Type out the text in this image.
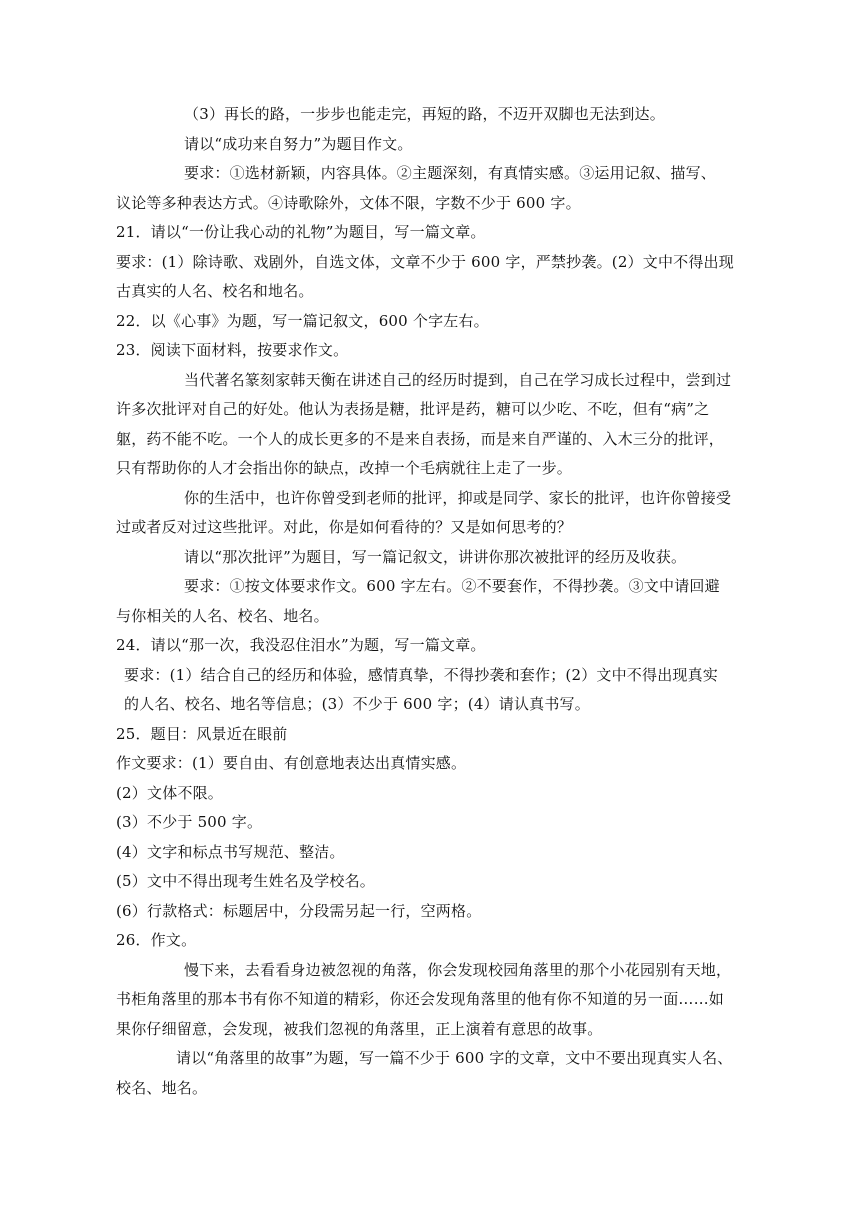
（3）再长的路，一步步也能走完，再短的路，不迈开双脚也无法到达。
请以“成功来自努力”为题目作文。
要求：①选材新颖，内容具体。②主题深刻，有真情实感。③运用记叙、描写、
议论等多种表达方式。④诗歌除外，文体不限，字数不少于 600 字。
21．请以“一份让我心动的礼物”为题目，写一篇文章。
要求：(1）除诗歌、戏剧外，自选文体，文章不少于 600 字，严禁抄袭。(2）文中不得出现
古真实的人名、校名和地名。
22．以《心事》为题，写一篇记叙文，600 个字左右。
23．阅读下面材料，按要求作文。
当代著名篆刻家韩天衡在讲述自己的经历时提到，自己在学习成长过程中，尝到过
许多次批评对自己的好处。他认为表扬是糖，批评是药，糖可以少吃、不吃，但有“病”之
躯，药不能不吃。一个人的成长更多的不是来自表扬，而是来自严谨的、入木三分的批评，
只有帮助你的人才会指出你的缺点，改掉一个毛病就往上走了一步。
你的生活中，也许你曾受到老师的批评，抑或是同学、家长的批评，也许你曾接受
过或者反对过这些批评。对此，你是如何看待的？又是如何思考的？
请以“那次批评”为题目，写一篇记叙文，讲讲你那次被批评的经历及收获。
要求：①按文体要求作文。600 字左右。②不要套作，不得抄袭。③文中请回避
与你相关的人名、校名、地名。
24．请以“那一次，我没忍住泪水”为题，写一篇文章。
要求：(1）结合自己的经历和体验，感情真挚，不得抄袭和套作；(2）文中不得出现真实
的人名、校名、地名等信息；(3）不少于 600 字；(4）请认真书写。
25．题目：风景近在眼前
作文要求：(1）要自由、有创意地表达出真情实感。
(2）文体不限。
(3）不少于 500 字。
(4）文字和标点书写规范、整洁。
(5）文中不得出现考生姓名及学校名。
(6）行款格式：标题居中，分段需另起一行，空两格。
26．作文。
慢下来，去看看身边被忽视的角落，你会发现校园角落里的那个小花园别有天地，
书柜角落里的那本书有你不知道的精彩，你还会发现角落里的他有你不知道的另一面……如
果你仔细留意，会发现，被我们忽视的角落里，正上演着有意思的故事。
请以“角落里的故事”为题，写一篇不少于 600 字的文章，文中不要出现真实人名、
校名、地名。
